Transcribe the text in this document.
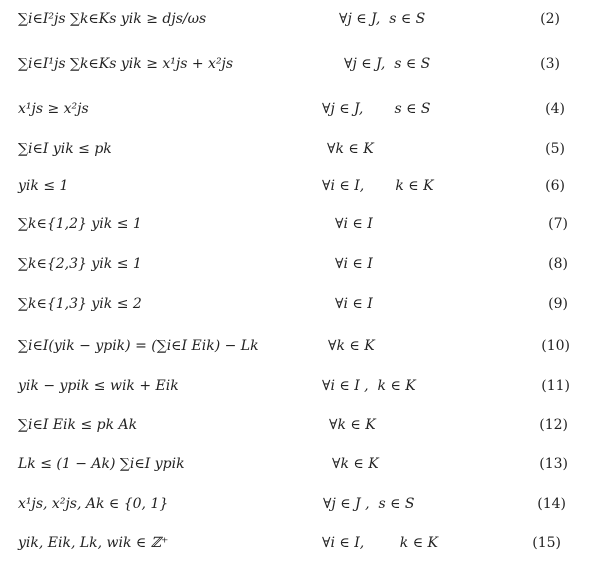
∑i∈I²js ∑k∈Ks yik ≥ djs/ωs	∀j ∈ J,  s ∈ S	(2)
∑i∈I¹js ∑k∈Ks yik ≥ x¹js + x²js	∀j ∈ J,  s ∈ S	(3)
x¹js ≥ x²js	∀j ∈ J,       s ∈ S	(4)
∑i∈I yik ≤ pk	∀k ∈ K	(5)
yik ≤ 1	∀i ∈ I,       k ∈ K	(6)
∑k∈{1,2} yik ≤ 1	∀i ∈ I	(7)
∑k∈{2,3} yik ≤ 1	∀i ∈ I	(8)
∑k∈{1,3} yik ≤ 2	∀i ∈ I	(9)
∑i∈I(yik − ypik) = (∑i∈I Eik) − Lk	∀k ∈ K	(10)
yik − ypik ≤ wik + Eik	∀i ∈ I ,  k ∈ K	(11)
∑i∈I Eik ≤ pk Ak	∀k ∈ K	(12)
Lk ≤ (1 − Ak) ∑i∈I ypik	∀k ∈ K	(13)
x¹js, x²js, Ak ∈ {0, 1}	∀j ∈ J ,  s ∈ S	(14)
yik, Eik, Lk, wik ∈ ℤ⁺	∀i ∈ I,        k ∈ K	(15)
